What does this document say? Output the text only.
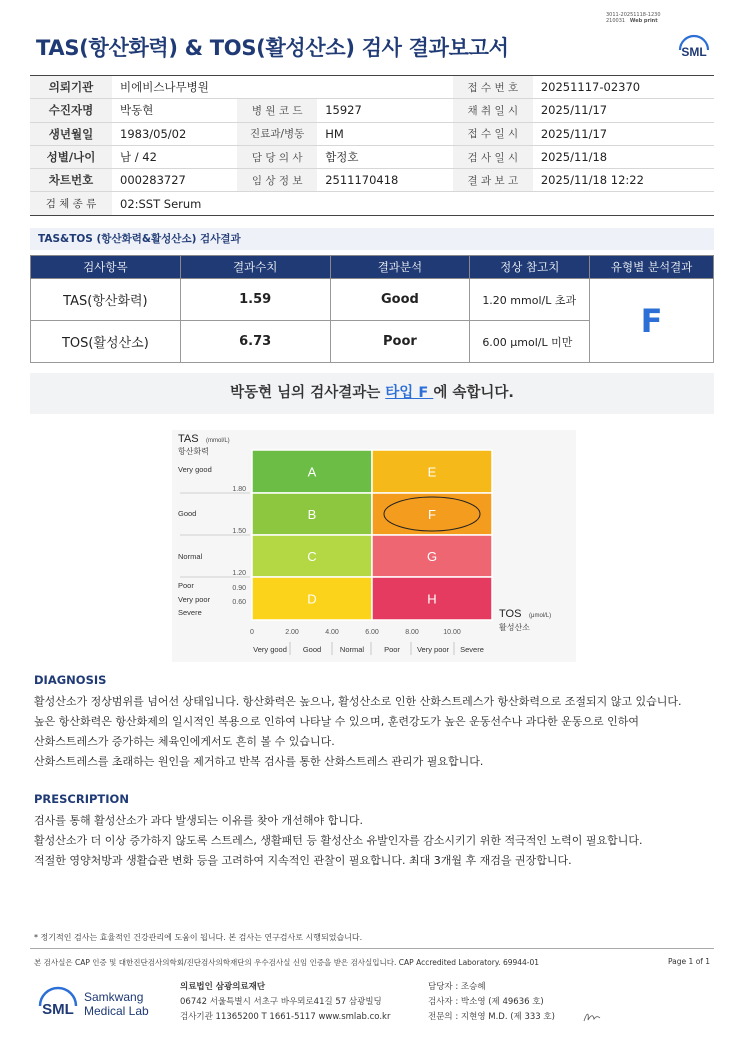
3011-20251118-1230
210031 Web print
TAS(항산화력) & TOS(활성산소) 검사 결과보고서	SML
의뢰기관	비에비스나무병원			접 수 번 호	20251117-02370
수진자명	박동현	병 원 코 드	15927	채 취 일 시	2025/11/17
생년월일	1983/05/02	진료과/병동	HM	접 수 일 시	2025/11/17
성별/나이	남 / 42	담 당 의 사	함정호	검 사 일 시	2025/11/18
차트번호	000283727	임 상 정 보	2511170418	결 과 보 고	2025/11/18 12:22
검 체 종 류	02:SST Serum				
TAS&TOS (항산화력&활성산소) 검사결과
검사항목	결과수치	결과분석	정상 참고치	유형별 분석결과
TAS(항산화력)	1.59	Good	1.20 mmol/L 초과	F
TOS(활성산소)	6.73	Poor	6.00 μmol/L 미만	
박동현 님의 검사결과는 타입 F 에 속합니다.
A	E
B	F
C	G
D	H
TAS (mmol/L)
항산화력
Very good
Good
Normal
Poor
Very poor
Severe
1.80
1.50
1.20
0.90
0.60
0	2.00	4.00	6.00	8.00	10.00
Very good Good Normal	Poor Very poor Severe
TOS (μmol/L)
활성산소
DIAGNOSIS
활성산소가 정상범위를 넘어선 상태입니다. 항산화력은 높으나, 활성산소로 인한 산화스트레스가 항산화력으로 조절되지 않고 있습니다.
높은 항산화력은 항산화제의 일시적인 복용으로 인하여 나타날 수 있으며, 훈련강도가 높은 운동선수나 과다한 운동으로 인하여
산화스트레스가 증가하는 체육인에게서도 흔히 볼 수 있습니다.
산화스트레스를 초래하는 원인을 제거하고 반복 검사를 통한 산화스트레스 관리가 필요합니다.
PRESCRIPTION
검사를 통해 활성산소가 과다 발생되는 이유를 찾아 개선해야 합니다.
활성산소가 더 이상 증가하지 않도록 스트레스, 생활패턴 등 활성산소 유발인자를 감소시키기 위한 적극적인 노력이 필요합니다.
적절한 영양처방과 생활습관 변화 등을 고려하여 지속적인 관찰이 필요합니다. 최대 3개월 후 재검을 권장합니다.
* 정기적인 검사는 효율적인 건강관리에 도움이 됩니다. 본 검사는 연구검사로 시행되었습니다.
본 검사실은 CAP 인증 및 대한진단검사의학회/진단검사의학재단의 우수검사실 신임 인증을 받은 검사실입니다. CAP Accredited Laboratory. 69944-01	Page 1 of 1
SML
Samkwang
Medical Lab
의료법인 삼광의료재단
06742 서울특별시 서초구 바우뫼로41길 57 삼광빌딩
검사기관 11365200 T 1661-5117 www.smlab.co.kr
담당자 : 조승혜
검사자 : 박소영 (제 49636 호)
전문의 : 지현영 M.D. (제 333 호)
